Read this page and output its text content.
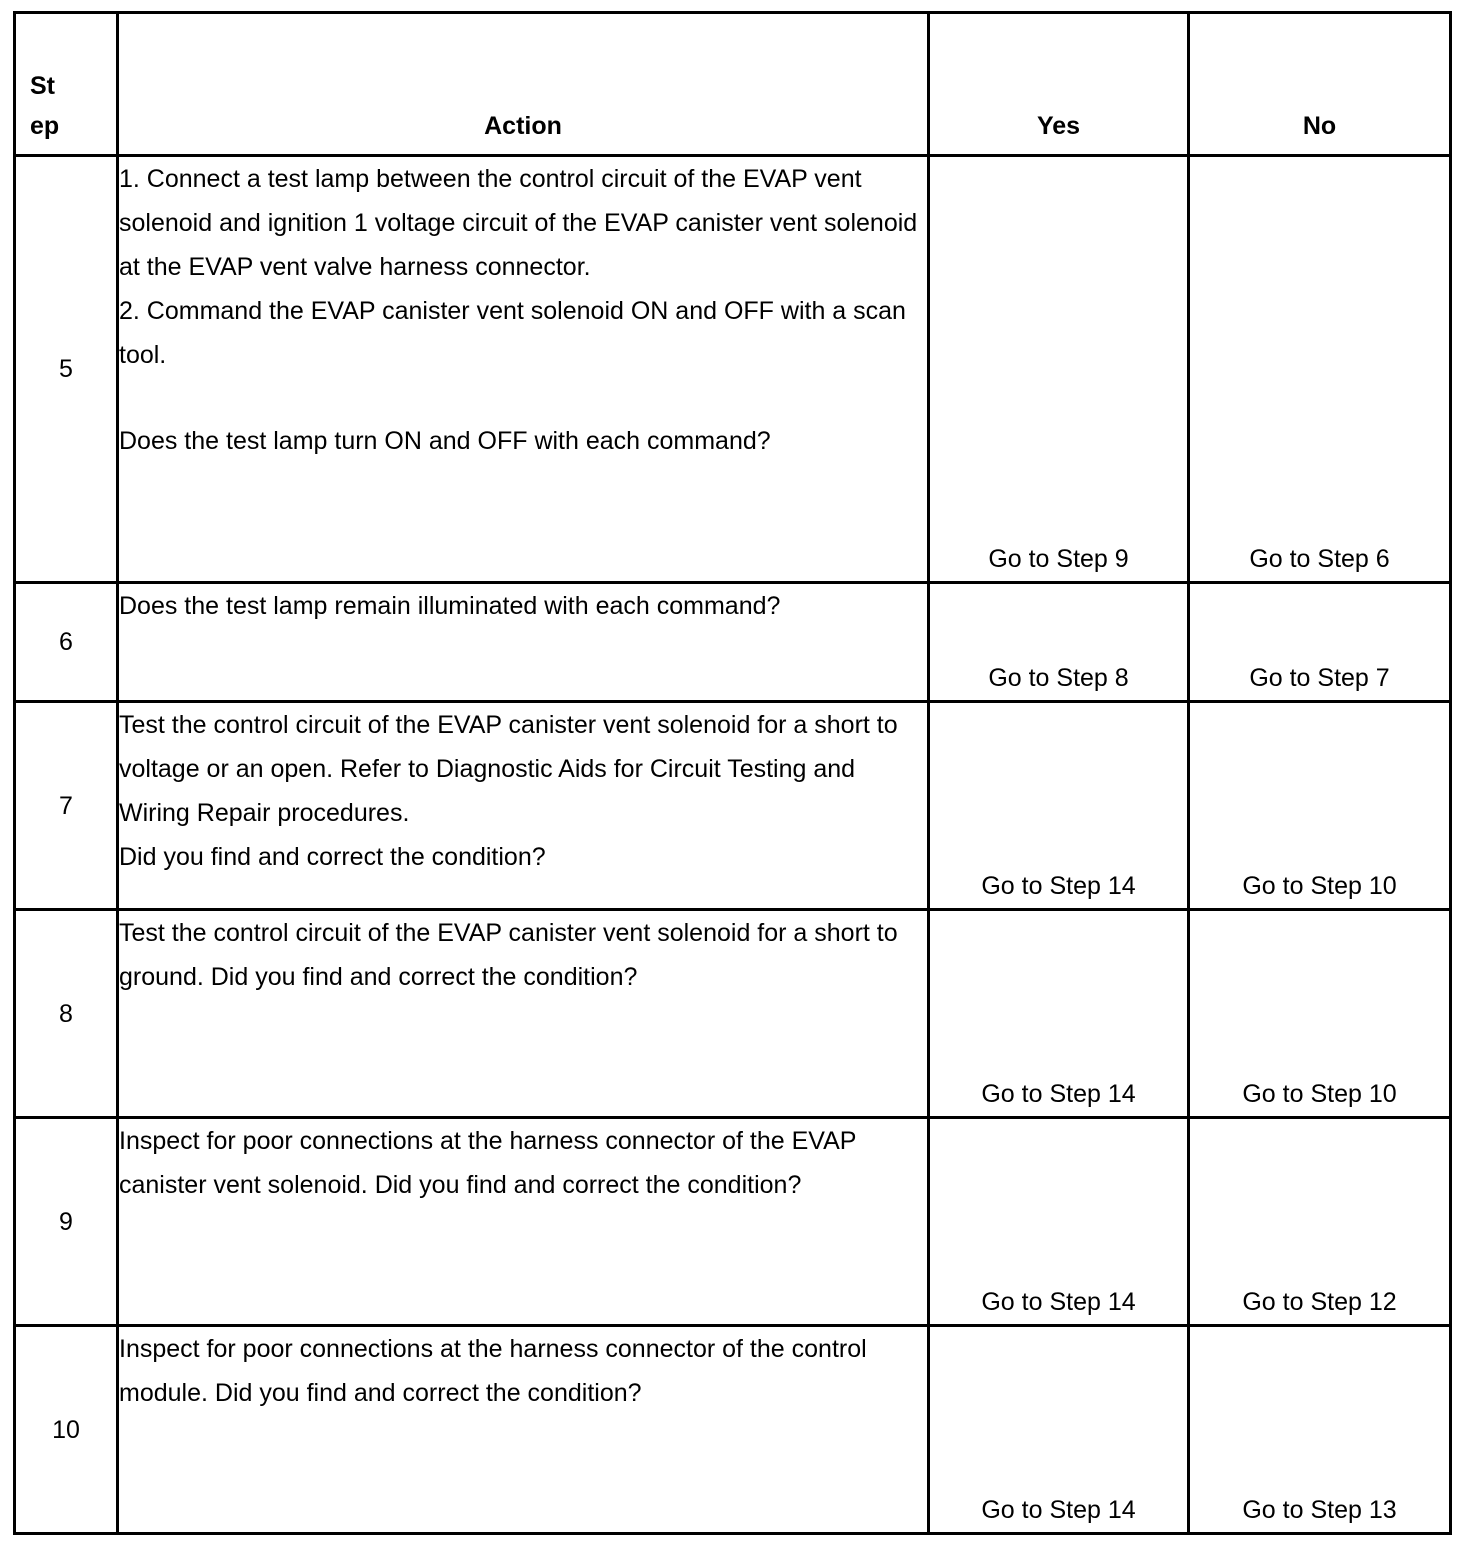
St
ep	Action	Yes	No

5	1. Connect a test lamp between the control circuit of the EVAP vent solenoid and ignition 1 voltage circuit of the EVAP canister vent solenoid at the EVAP vent valve harness connector.
2. Command the EVAP canister vent solenoid ON and OFF with a scan tool.
Does the test lamp turn ON and OFF with each command?	Go to Step 9	Go to Step 6
6	Does the test lamp remain illuminated with each command?	Go to Step 8	Go to Step 7
7	Test the control circuit of the EVAP canister vent solenoid for a short to voltage or an open. Refer to Diagnostic Aids for Circuit Testing and Wiring Repair procedures.
Did you find and correct the condition?	Go to Step 14	Go to Step 10
8	Test the control circuit of the EVAP canister vent solenoid for a short to ground. Did you find and correct the condition?	Go to Step 14	Go to Step 10
9	Inspect for poor connections at the harness connector of the EVAP canister vent solenoid. Did you find and correct the condition?	Go to Step 14	Go to Step 12
10	Inspect for poor connections at the harness connector of the control module. Did you find and correct the condition?	Go to Step 14	Go to Step 13
